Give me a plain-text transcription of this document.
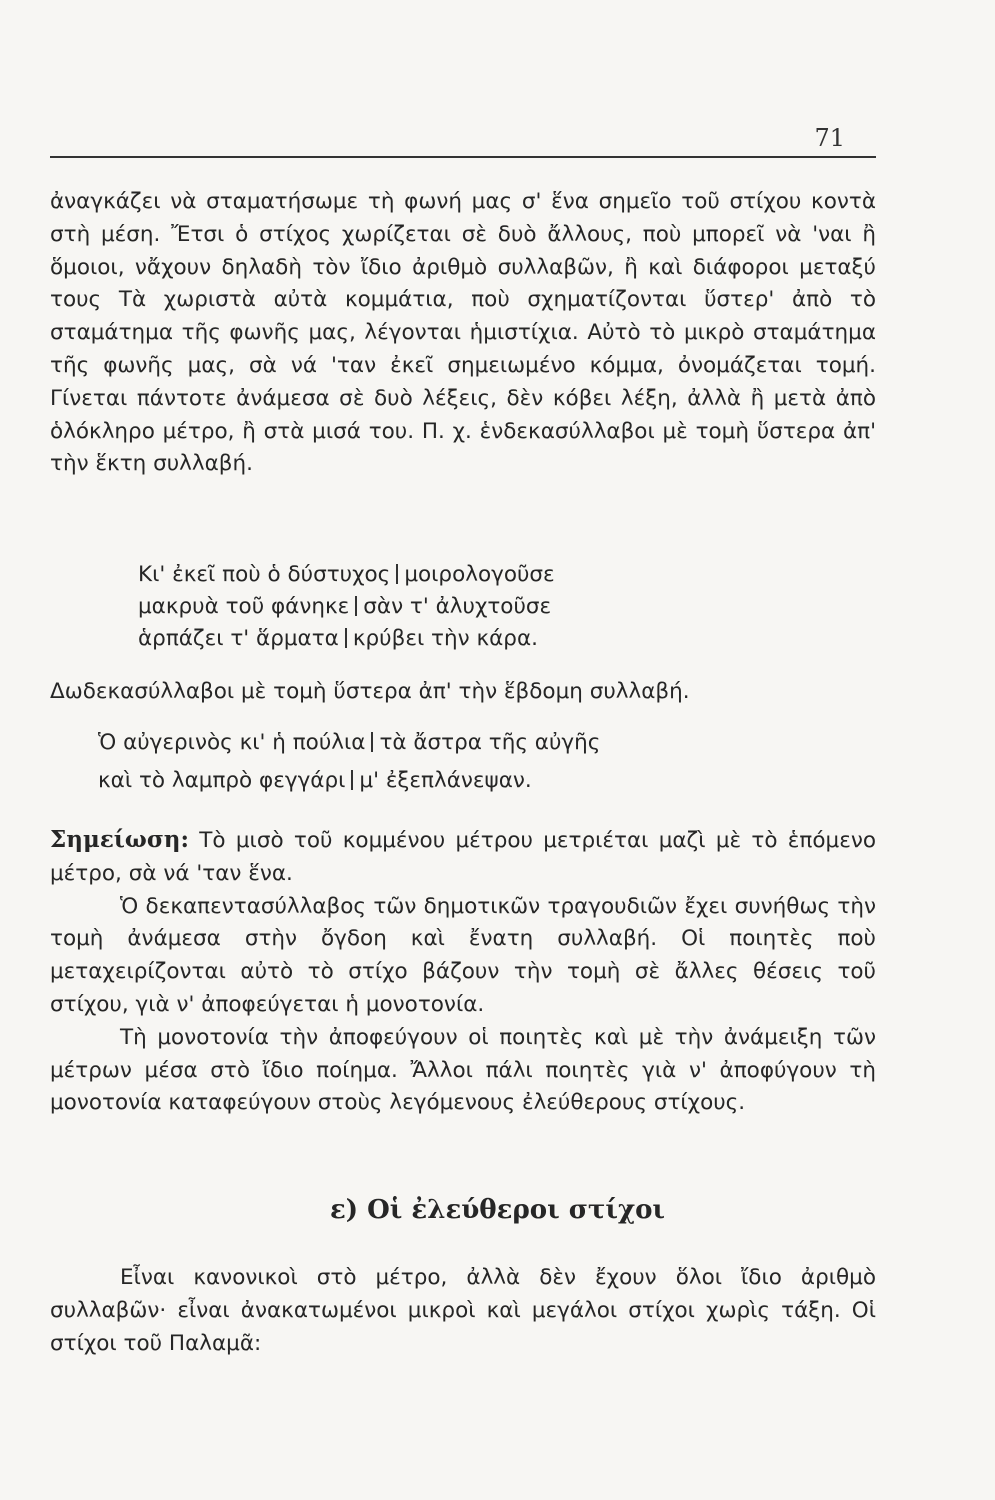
71

ἀναγκάζει νὰ σταματήσωμε τὴ φωνή μας σ' ἕνα σημεῖο τοῦ στίχου κοντὰ στὴ μέση. Ἔτσι ὁ στίχος χωρίζεται σὲ δυὸ ἄλλους, ποὺ μπορεῖ νὰ 'ναι ἢ ὅμοιοι, νἄχουν δηλαδὴ τὸν ἴδιο ἀριθμὸ συλλαβῶν, ἢ καὶ διάφοροι μεταξύ τους Τὰ χωριστὰ αὐτὰ κομμάτια, ποὺ σχηματίζονται ὕστερ' ἀπὸ τὸ σταμάτημα τῆς φωνῆς μας, λέγονται ἡμιστίχια. Αὐτὸ τὸ μικρὸ σταμάτημα τῆς φωνῆς μας, σὰ νά 'ταν ἐκεῖ σημειωμένο κόμμα, ὀνομάζεται τομή. Γίνεται πάντοτε ἀνάμεσα σὲ δυὸ λέξεις, δὲν κόβει λέξη, ἀλλὰ ἢ μετὰ ἀπὸ ὁλόκληρο μέτρο, ἢ στὰ μισά του. Π. χ. ἑνδεκασύλλαβοι μὲ τομὴ ὕστερα ἀπ' τὴν ἕκτη συλλαβή.

Κι' ἐκεῖ ποὺ ὁ δύστυχος μοιρολογοῦσε
μακρυὰ τοῦ φάνηκε σὰν τ' ἀλυχτοῦσε
ἁρπάζει τ' ἅρματα κρύβει τὴν κάρα.

Δωδεκασύλλαβοι μὲ τομὴ ὕστερα ἀπ' τὴν ἕβδομη συλλαβή.

Ὁ αὐγερινὸς κι' ἡ πούλια τὰ ἄστρα τῆς αὐγῆς
καὶ τὸ λαμπρὸ φεγγάρι μ' ἐξεπλάνεψαν.

Σημείωση: Τὸ μισὸ τοῦ κομμένου μέτρου μετριέται μαζὶ μὲ τὸ ἑπόμενο μέτρο, σὰ νά 'ταν ἕνα.

Ὁ δεκαπεντασύλλαβος τῶν δημοτικῶν τραγουδιῶν ἔχει συνήθως τὴν τομὴ ἀνάμεσα στὴν ὄγδοη καὶ ἔνατη συλλαβή. Οἱ ποιητὲς ποὺ μεταχειρίζονται αὐτὸ τὸ στίχο βάζουν τὴν τομὴ σὲ ἄλλες θέσεις τοῦ στίχου, γιὰ ν' ἀποφεύγεται ἡ μονοτονία.

Τὴ μονοτονία τὴν ἀποφεύγουν οἱ ποιητὲς καὶ μὲ τὴν ἀνάμειξη τῶν μέτρων μέσα στὸ ἴδιο ποίημα. Ἄλλοι πάλι ποιητὲς γιὰ ν' ἀποφύγουν τὴ μονοτονία καταφεύγουν στοὺς λεγόμενους ἐλεύθερους στίχους.

ε) Οἱ ἐλεύθεροι στίχοι

Εἶναι κανονικοὶ στὸ μέτρο, ἀλλὰ δὲν ἔχουν ὅλοι ἴδιο ἀριθμὸ συλλαβῶν· εἶναι ἀνακατωμένοι μικροὶ καὶ μεγάλοι στίχοι χωρὶς τάξη. Οἱ στίχοι τοῦ Παλαμᾶ:
